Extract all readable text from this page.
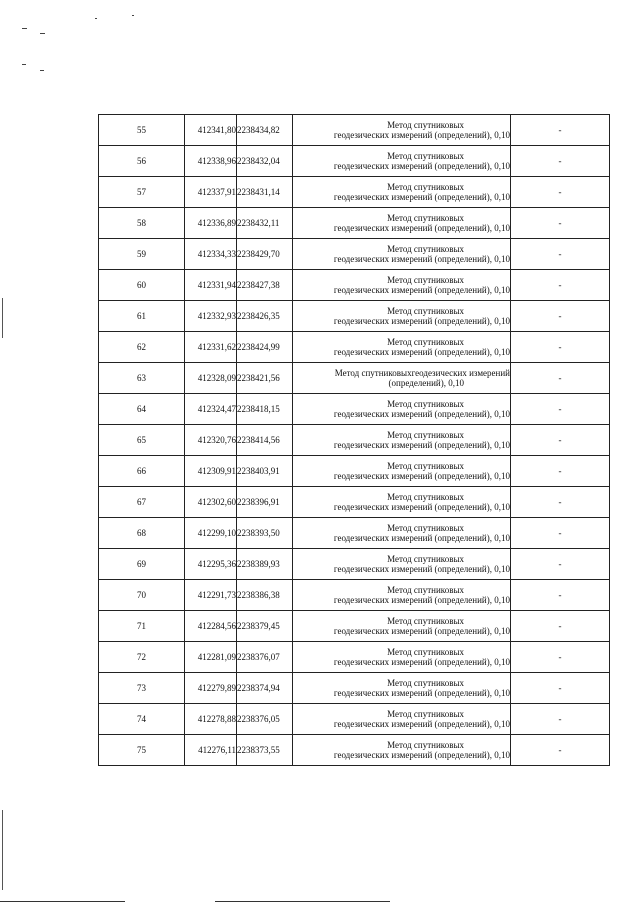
55	412341,80	2238434,82	Метод спутниковых
геодезических измерений (определений), 0,10	-
56	412338,96	2238432,04	Метод спутниковых
геодезических измерений (определений), 0,10	-
57	412337,91	2238431,14	Метод спутниковых
геодезических измерений (определений), 0,10	-
58	412336,89	2238432,11	Метод спутниковых
геодезических измерений (определений), 0,10	-
59	412334,33	2238429,70	Метод спутниковых
геодезических измерений (определений), 0,10	-
60	412331,94	2238427,38	Метод спутниковых
геодезических измерений (определений), 0,10	-
61	412332,93	2238426,35	Метод спутниковых
геодезических измерений (определений), 0,10	-
62	412331,62	2238424,99	Метод спутниковых
геодезических измерений (определений), 0,10	-
63	412328,09	2238421,56	Метод спутниковыхгеодезических измерений
(определений), 0,10	-
64	412324,47	2238418,15	Метод спутниковых
геодезических измерений (определений), 0,10	-
65	412320,76	2238414,56	Метод спутниковых
геодезических измерений (определений), 0,10	-
66	412309,91	2238403,91	Метод спутниковых
геодезических измерений (определений), 0,10	-
67	412302,60	2238396,91	Метод спутниковых
геодезических измерений (определений), 0,10	-
68	412299,10	2238393,50	Метод спутниковых
геодезических измерений (определений), 0,10	-
69	412295,36	2238389,93	Метод спутниковых
геодезических измерений (определений), 0,10	-
70	412291,73	2238386,38	Метод спутниковых
геодезических измерений (определений), 0,10	-
71	412284,56	2238379,45	Метод спутниковых
геодезических измерений (определений), 0,10	-
72	412281,09	2238376,07	Метод спутниковых
геодезических измерений (определений), 0,10	-
73	412279,89	2238374,94	Метод спутниковых
геодезических измерений (определений), 0,10	-
74	412278,88	2238376,05	Метод спутниковых
геодезических измерений (определений), 0,10	-
75	412276,11	2238373,55	Метод спутниковых
геодезических измерений (определений), 0,10	-
